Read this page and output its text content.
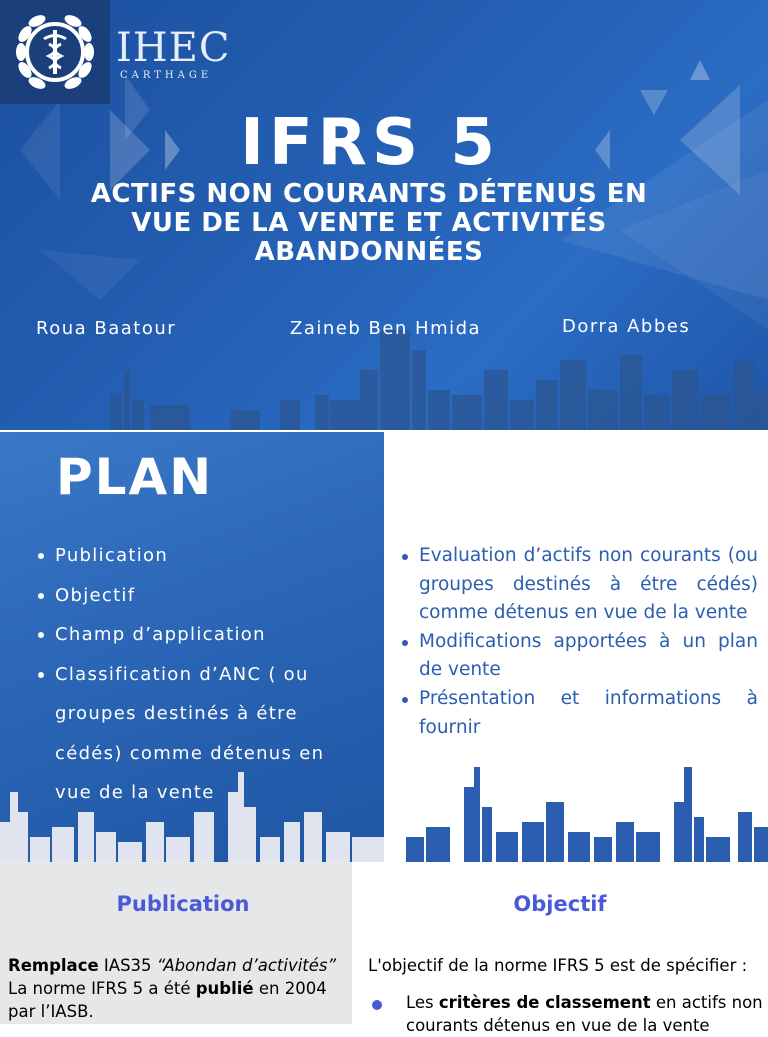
IHEC
CARTHAGE
IFRS 5
ACTIFS NON COURANTS DÉTENUS EN VUE DE LA VENTE ET ACTIVITÉS ABANDONNÉES
Roua Baatour	Zaineb Ben Hmida	Dorra Abbes
PLAN
Publication
Objectif
Champ d’application
Classification d’ANC ( ou groupes destinés à étre cédés) comme détenus en vue de la vente
Evaluation d’actifs non courants (ou groupes destinés à étre cédés) comme détenus en vue de la vente
Modifications apportées à un plan de vente
Présentation et informations à fournir
Publication
Remplace IAS35 “Abondan d’activités”
La norme IFRS 5 a été publié en 2004 par l’IASB.
Objectif
L'objectif de la norme IFRS 5 est de spécifier :
Les critères de classement en actifs non courants détenus en vue de la vente
